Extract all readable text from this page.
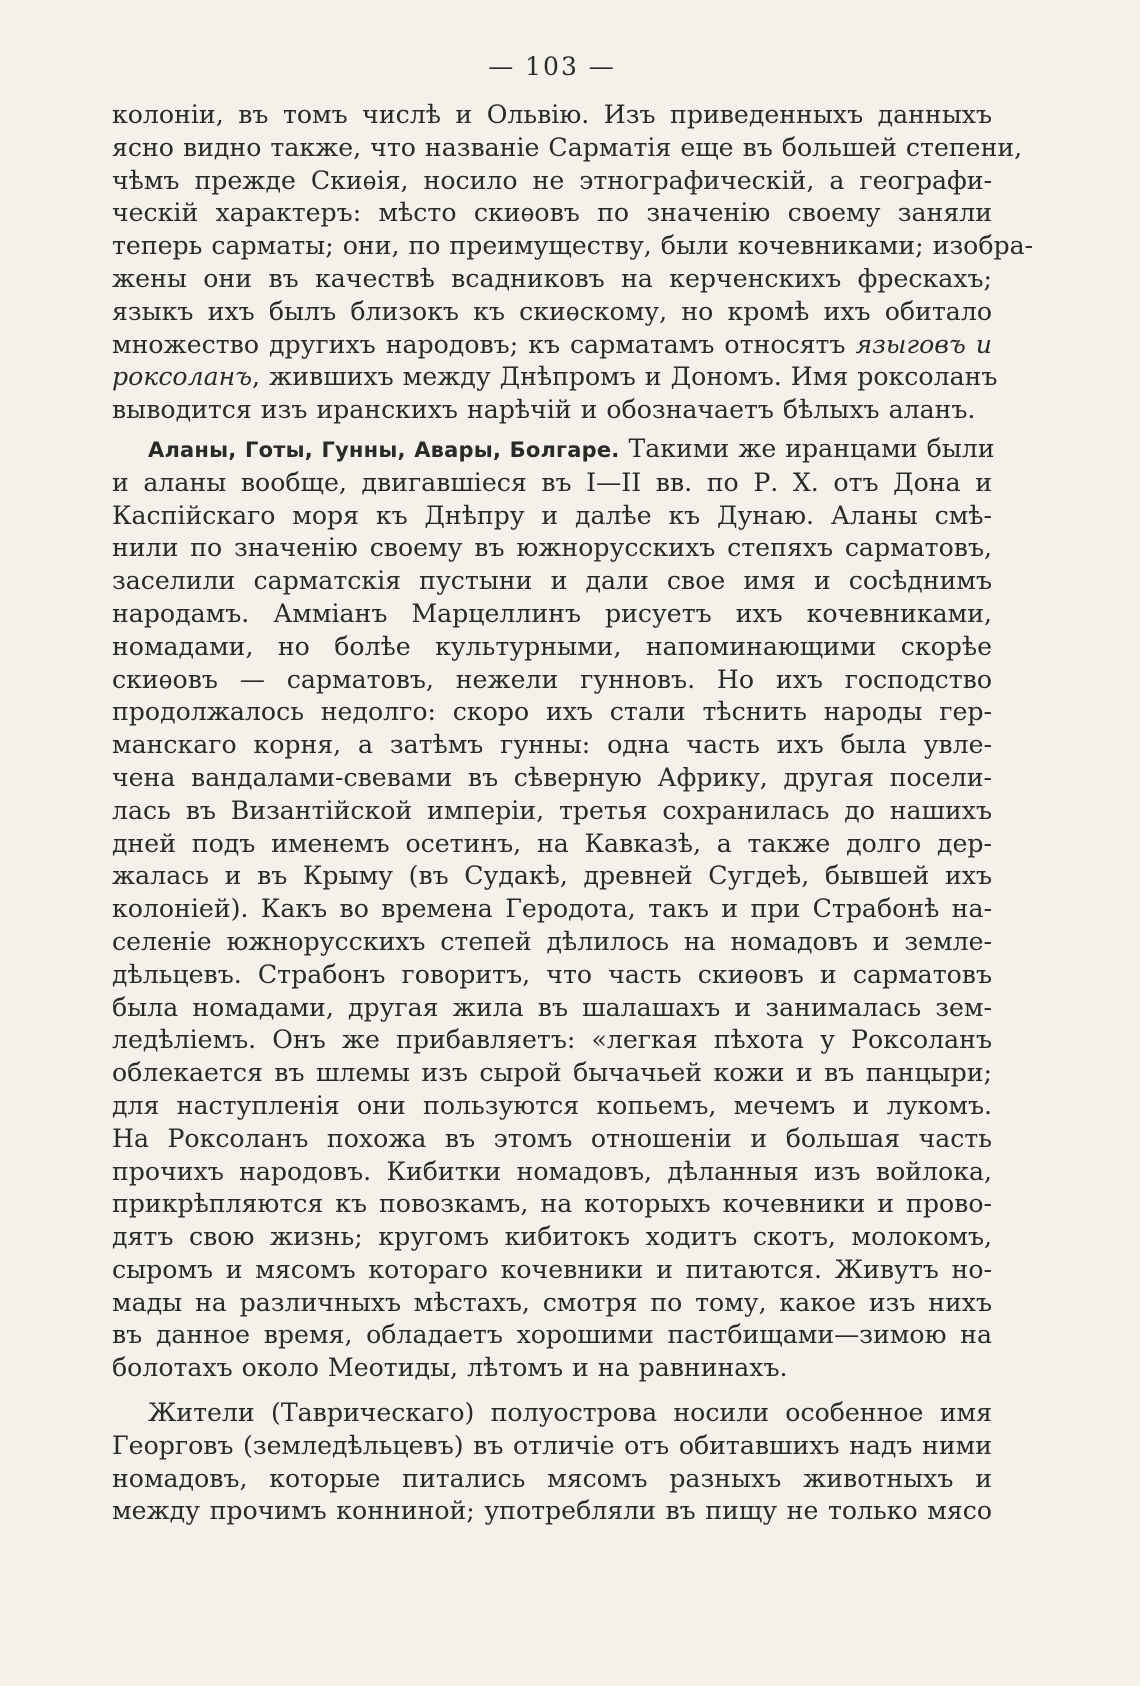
— 103 —
колоніи, въ томъ числѣ и Ольвію. Изъ приведенныхъ данныхъ
ясно видно также, что названіе Сарматія еще въ большей степени,
чѣмъ прежде Скиѳія, носило не этнографическій, а географи-
ческій характеръ: мѣсто скиѳовъ по значенію своему заняли
теперь сарматы; они, по преимуществу, были кочевниками; изобра-
жены они въ качествѣ всадниковъ на керченскихъ фрескахъ;
языкъ ихъ былъ близокъ къ скиѳскому, но кромѣ ихъ обитало
множество другихъ народовъ; къ сарматамъ относятъ языговъ и
роксоланъ, жившихъ между Днѣпромъ и Дономъ. Имя роксоланъ
выводится изъ иранскихъ нарѣчій и обозначаетъ бѣлыхъ аланъ.
Аланы, Готы, Гунны, Авары, Болгаре. Такими же иранцами были
и аланы вообще, двигавшіеся въ I—II вв. по Р. Х. отъ Дона и
Каспійскаго моря къ Днѣпру и далѣе къ Дунаю. Аланы смѣ-
нили по значенію своему въ южнорусскихъ степяхъ сарматовъ,
заселили сарматскія пустыни и дали свое имя и сосѣднимъ
народамъ. Амміанъ Марцеллинъ рисуетъ ихъ кочевниками,
номадами, но болѣе культурными, напоминающими скорѣе
скиѳовъ — сарматовъ, нежели гунновъ. Но ихъ господство
продолжалось недолго: скоро ихъ стали тѣснить народы гер-
манскаго корня, а затѣмъ гунны: одна часть ихъ была увле-
чена вандалами-свевами въ сѣверную Африку, другая посели-
лась въ Византійской имперіи, третья сохранилась до нашихъ
дней подъ именемъ осетинъ, на Кавказѣ, а также долго дер-
жалась и въ Крыму (въ Судакѣ, древней Сугдеѣ, бывшей ихъ
колоніей). Какъ во времена Геродота, такъ и при Страбонѣ на-
селеніе южнорусскихъ степей дѣлилось на номадовъ и земле-
дѣльцевъ. Страбонъ говоритъ, что часть скиѳовъ и сарматовъ
была номадами, другая жила въ шалашахъ и занималась зем-
ледѣліемъ. Онъ же прибавляетъ: «легкая пѣхота у Роксоланъ
облекается въ шлемы изъ сырой бычачьей кожи и въ панцыри;
для наступленія они пользуются копьемъ, мечемъ и лукомъ.
На Роксоланъ похожа въ этомъ отношеніи и большая часть
прочихъ народовъ. Кибитки номадовъ, дѣланныя изъ войлока,
прикрѣпляются къ повозкамъ, на которыхъ кочевники и прово-
дятъ свою жизнь; кругомъ кибитокъ ходитъ скотъ, молокомъ,
сыромъ и мясомъ котораго кочевники и питаются. Живутъ но-
мады на различныхъ мѣстахъ, смотря по тому, какое изъ нихъ
въ данное время, обладаетъ хорошими пастбищами—зимою на
болотахъ около Меотиды, лѣтомъ и на равнинахъ.
Жители (Таврическаго) полуострова носили особенное имя
Георговъ (земледѣльцевъ) въ отличіе отъ обитавшихъ надъ ними
номадовъ, которые питались мясомъ разныхъ животныхъ и
между прочимъ конниной; употребляли въ пищу не только мясо
